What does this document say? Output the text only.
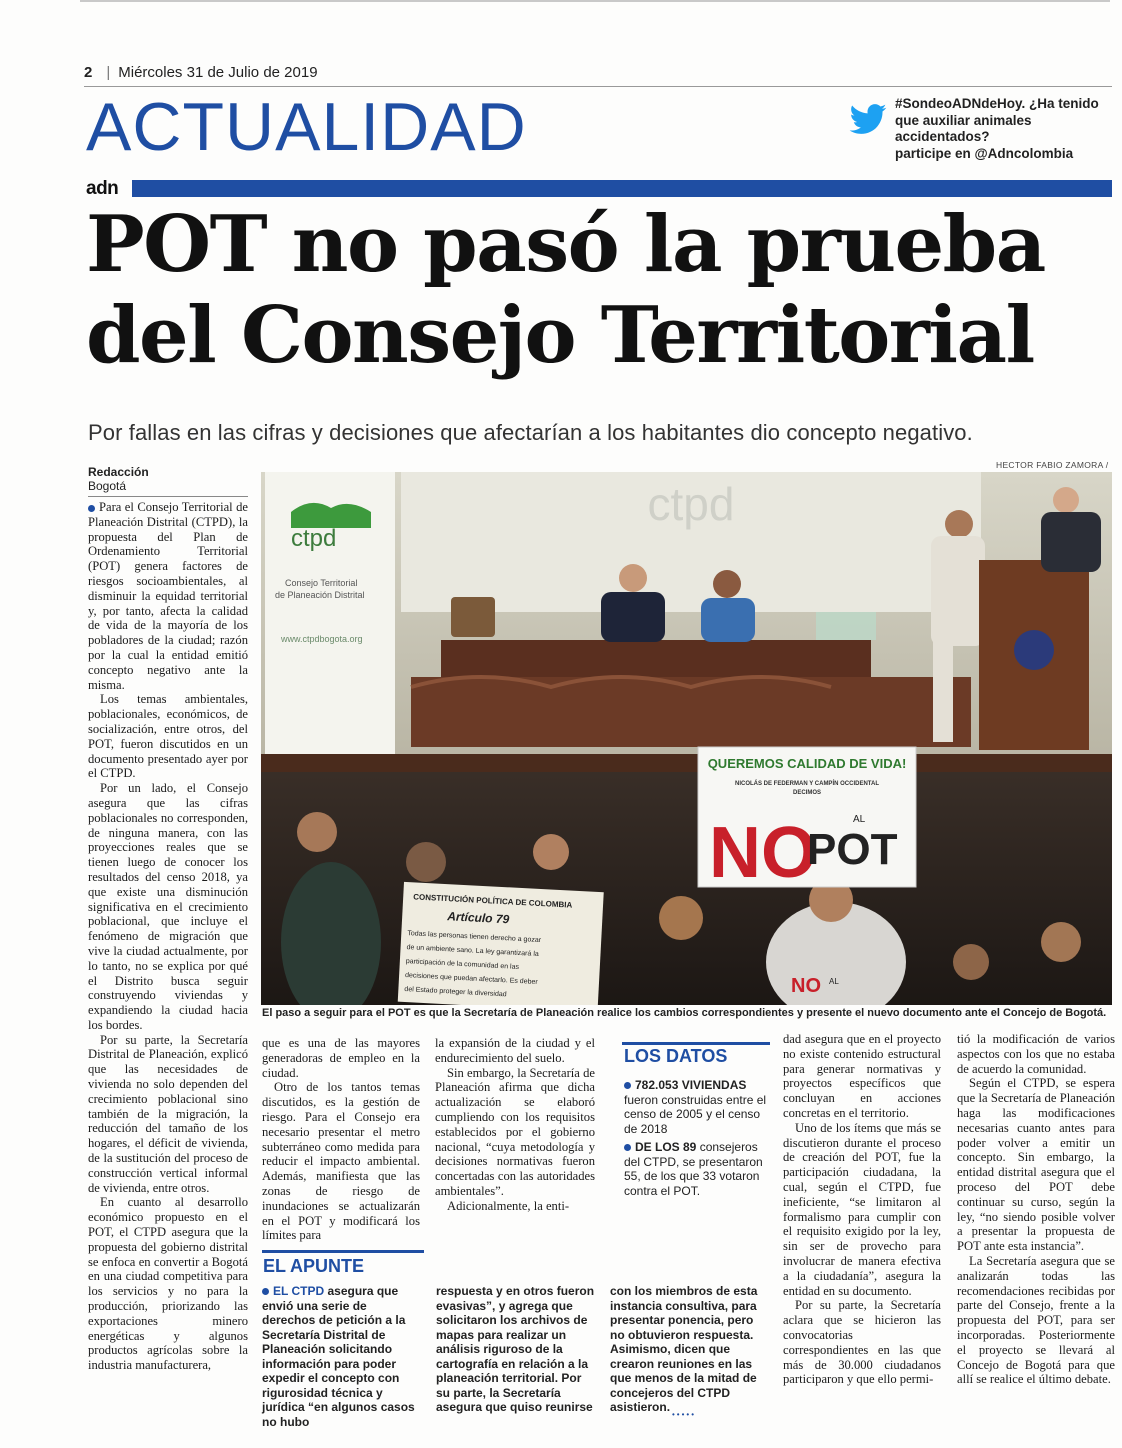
2 | Miércoles 31 de Julio de 2019
ACTUALIDAD	#SondeoADNdeHoy. ¿Ha tenido
que auxiliar animales
accidentados?
participe en @Adncolombia
adn
POT no pasó la prueba
del Consejo Territorial
Por fallas en las cifras y decisiones que afectarían a los habitantes dio concepto negativo.
Redacción
Bogotá
HECTOR FABIO ZAMORA /
ctpd
ctpd
Consejo Territorial
de Planeación Distrital
www.ctpdbogota.org
QUEREMOS CALIDAD DE VIDA!
NICOLÁS DE FEDERMAN Y CAMPÍN OCCIDENTAL
DECIMOS
NO	AL
POT
CONSTITUCIÓN POLÍTICA DE COLOMBIA
Artículo 79
Todas las personas tienen derecho a gozar
de un ambiente sano. La ley garantizará la
participación de la comunidad en las
decisiones que puedan afectarlo. Es deber
del Estado proteger la diversidad	NO AL
El paso a seguir para el POT es que la Secretaría de Planeación realice los cambios correspondientes y presente el nuevo documento ante el Concejo de Bogotá.

Para el Consejo Territorial de Planeación Distrital (CTPD), la propuesta del Plan de Ordenamiento Territorial (POT) genera factores de riesgos socioambientales, al disminuir la equidad territorial y, por tanto, afecta la calidad de vida de la mayoría de los pobladores de la ciudad; razón por la cual la entidad emitió concepto negativo ante la misma.

Los temas ambientales, poblacionales, económicos, de socialización, entre otros, del POT, fueron discutidos en un documento presentado ayer por el CTPD.

Por un lado, el Consejo asegura que las cifras poblacionales no corresponden, de ninguna manera, con las proyecciones reales que se tienen luego de conocer los resultados del censo 2018, ya que existe una disminución significativa en el crecimiento poblacional, que incluye el fenómeno de migración que vive la ciudad actualmente, por lo tanto, no se explica por qué el Distrito busca seguir construyendo viviendas y expandiendo la ciudad hacia los bordes.

Por su parte, la Secretaría Distrital de Planeación, explicó que las necesidades de vivienda no solo dependen del crecimiento poblacional sino también de la migración, la reducción del tamaño de los hogares, el déficit de vivienda, de la sustitución del proceso de construcción vertical informal de vivienda, entre otros.

En cuanto al desarrollo económico propuesto en el POT, el CTPD asegura que la propuesta del gobierno distrital se enfoca en convertir a Bogotá en una ciudad competitiva para los servicios y no para la producción, priorizando las exportaciones minero energéticas y algunos productos agrícolas sobre la industria manufacturera,

que es una de las mayores generadoras de empleo en la ciudad.

Otro de los tantos temas discutidos, es la gestión de riesgo. Para el Consejo era necesario presentar el metro subterráneo como medida para reducir el impacto ambiental. Además, manifiesta que las zonas de riesgo de inundaciones se actualizarán en el POT y modificará los límites para

la expansión de la ciudad y el endurecimiento del suelo.

Sin embargo, la Secretaría de Planeación afirma que dicha actualización se elaboró cumpliendo con los requisitos establecidos por el gobierno nacional, “cuya metodología y decisiones normativas fueron concertadas con las autoridades ambientales”.

Adicionalmente, la enti-

LOS DATOS

782.053 VIVIENDAS fueron construidas entre el censo de 2005 y el censo de 2018

DE LOS 89 consejeros del CTPD, se presentaron 55, de los que 33 votaron contra el POT.

dad asegura que en el proyecto no existe contenido estructural para generar normativas y proyectos específicos que concluyan en acciones concretas en el territorio.

Uno de los ítems que más se discutieron durante el proceso de creación del POT, fue la participación ciudadana, la cual, según el CTPD, fue ineficiente, “se limitaron al formalismo para cumplir con el requisito exigido por la ley, sin ser de provecho para involucrar de manera efectiva a la ciudadanía”, asegura la entidad en su documento.

Por su parte, la Secretaría aclara que se hicieron las convocatorias correspondientes en las que más de 30.000 ciudadanos participaron y que ello permi-

tió la modificación de varios aspectos con los que no estaba de acuerdo la comunidad.

Según el CTPD, se espera que la Secretaría de Planeación haga las modificaciones necesarias cuanto antes para poder volver a emitir un concepto. Sin embargo, la entidad distrital asegura que el proceso del POT debe continuar su curso, según la ley, “no siendo posible volver a presentar la propuesta de POT ante esta instancia”.

La Secretaría asegura que se analizarán todas las recomendaciones recibidas por parte del Consejo, frente a la propuesta del POT, para ser incorporadas. Posteriormente el proyecto se llevará al Concejo de Bogotá para que allí se realice el último debate.

EL APUNTE
EL CTPD asegura que envió una serie de derechos de petición a la Secretaría Distrital de Planeación solicitando información para poder expedir el concepto con rigurosidad técnica y jurídica “en algunos casos no hubo
respuesta y en otros fueron evasivas”, y agrega que solicitaron los archivos de mapas para realizar un análisis riguroso de la cartografía en relación a la planeación territorial. Por su parte, la Secretaría asegura que quiso reunirse
con los miembros de esta instancia consultiva, para presentar ponencia, pero no obtuvieron respuesta. Asimismo, dicen que crearon reuniones en las que menos de la mitad de concejeros del CTPD asistieron.
•••••
